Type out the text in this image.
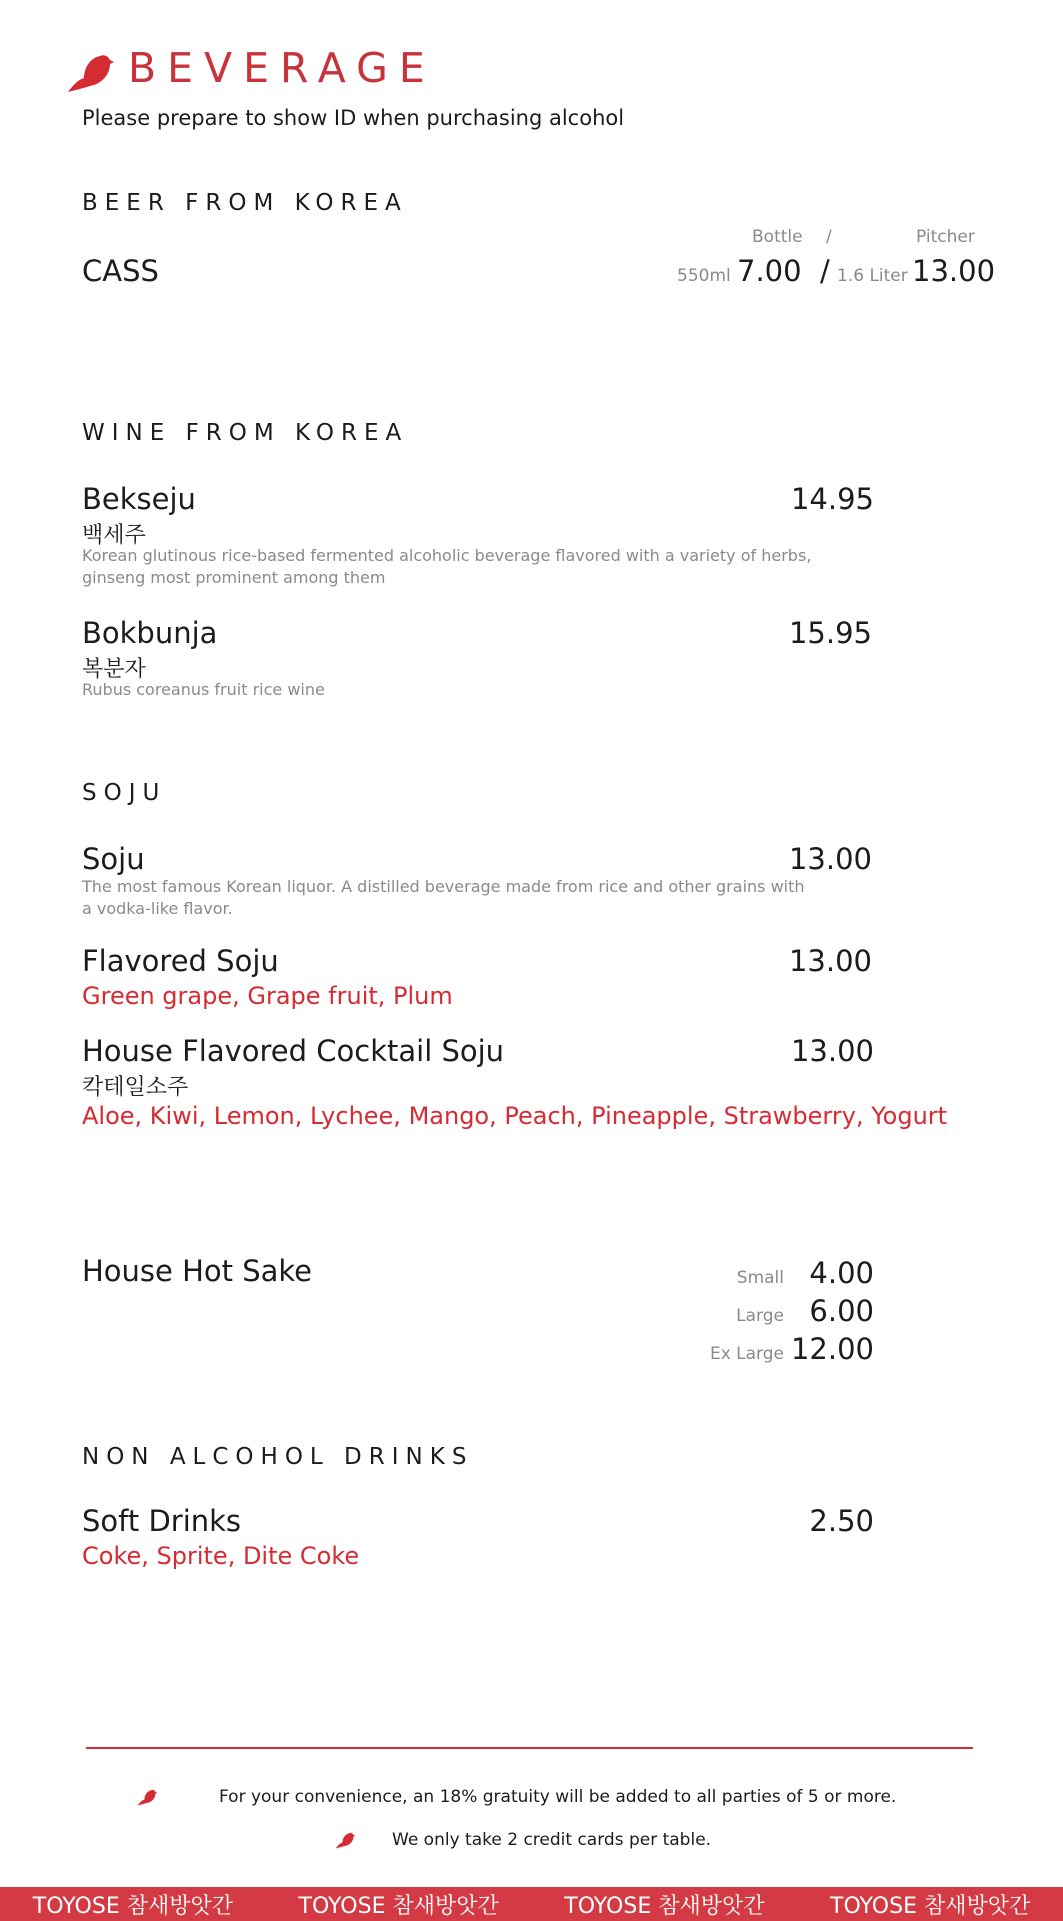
BEVERAGE
Please prepare to show ID when purchasing alcohol
BEER FROM KOREA
Bottle /	Pitcher
CASS	550ml 7.00 / 1.6 Liter 13.00
WINE FROM KOREA
Bekseju	14.95
백세주
Korean glutinous rice-based fermented alcoholic beverage flavored with a variety of herbs, ginseng most prominent among them
Bokbunja	15.95
복분자
Rubus coreanus fruit rice wine
SOJU
Soju	13.00
The most famous Korean liquor. A distilled beverage made from rice and other grains with a vodka-like flavor.
Flavored Soju	13.00
Green grape, Grape fruit, Plum
House Flavored Cocktail Soju	13.00
칵테일소주
Aloe, Kiwi, Lemon, Lychee, Mango, Peach, Pineapple, Strawberry, Yogurt
House Hot Sake	Small 4.00
Large 6.00
Ex Large 12.00
NON ALCOHOL DRINKS
Soft Drinks	2.50
Coke, Sprite, Dite Coke
For your convenience, an 18% gratuity will be added to all parties of 5 or more.
We only take 2 credit cards per table.
TOYOSE 참새방앗간	TOYOSE 참새방앗간	TOYOSE 참새방앗간	TOYOSE 참새방앗간
